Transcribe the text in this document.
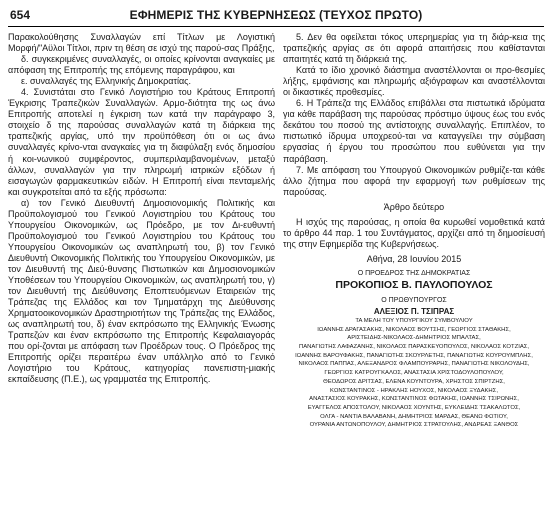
654	ΕΦΗΜΕΡΙΣ ΤΗΣ ΚΥΒΕΡΝΗΣΕΩΣ (ΤΕΥΧΟΣ ΠΡΩΤΟ)

Παρακολούθησης Συναλλαγών επί Τίτλων με Λογιστική Μορφή/"Αϋλοι Τίτλοι, πριν τη θέση σε ισχύ της παρού-σας Πράξης,

δ. συγκεκριμένες συναλλαγές, οι οποίες κρίνονται αναγκαίες με απόφαση της Επιτροπής της επόμενης παραγράφου, και

ε. συναλλαγές της Ελληνικής Δημοκρατίας.

4. Συνιστάται στο Γενικό Λογιστήριο του Κράτους Επιτροπή Έγκρισης Τραπεζικών Συναλλαγών. Αρμο-διότητα της ως άνω Επιτροπής αποτελεί η έγκριση των κατά την παράγραφο 3, στοιχείο δ της παρούσας συναλλαγών κατά τη διάρκεια της τραπεζικής αργίας, υπό την προϋπόθεση ότι οι ως άνω συναλλαγές κρίνο-νται αναγκαίες για τη διαφύλαξη ενός δημοσίου ή κοι-νωνικού συμφέροντος, συμπεριλαμβανομένων, μεταξύ άλλων, συναλλαγών για την πληρωμή ιατρικών εξόδων ή εισαγωγών φαρμακευτικών ειδών. Η Επιτροπή είναι πενταμελής και συγκροτείται από τα εξής πρόσωπα:

α) τον Γενικό Διευθυντή Δημοσιονομικής Πολιτικής και Προϋπολογισμού του Γενικού Λογιστηρίου του Κράτους του Υπουργείου Οικονομικών, ως Πρόεδρο, με τον Δι-ευθυντή Προϋπολογισμού του Γενικού Λογιστηρίου του Κράτους του Υπουργείου Οικονομικών ως αναπληρωτή του, β) τον Γενικό Διευθυντή Οικονομικής Πολιτικής του Υπουργείου Οικονομικών, με τον Διευθυντή της Διεύ-θυνσης Πιστωτικών και Δημοσιονομικών Υποθέσεων του Υπουργείου Οικονομικών, ως αναπληρωτή του, γ) τον Διευθυντή της Διεύθυνσης Εποπτευόμενων Εταιρειών της Τράπεζας της Ελλάδος και τον Τμηματάρχη της Διεύθυνσης Χρηματοοικονομικών Δραστηριοτήτων της Τράπεζας της Ελλάδος, ως αναπληρωτή του, δ) έναν εκπρόσωπο της Ελληνικής Ένωσης Τραπεζών και έναν εκπρόσωπο της Επιτροπής Κεφαλαιαγοράς που ορί-ζονται με απόφαση των Προέδρων τους. Ο Πρόεδρος της Επιτροπής ορίζει περαιτέρω έναν υπάλληλο από το Γενικό Λογιστήριο του Κράτους, κατηγορίας πανεπιστη-μιακής εκπαίδευσης (Π.Ε.), ως γραμματέα της Επιτροπής.

5. Δεν θα οφείλεται τόκος υπερημερίας για τη διάρ-κεια της τραπεζικής αργίας σε ότι αφορά απαιτήσεις που καθίστανται απαιτητές κατά τη διάρκειά της.

Κατά το ίδιο χρονικό διάστημα αναστέλλονται οι προ-θεσμίες λήξης, εμφάνισης και πληρωμής αξιόγραφων και αναστέλλονται οι δικαστικές προθεσμίες.

6. Η Τράπεζα της Ελλάδος επιβάλλει στα πιστωτικά ιδρύματα για κάθε παράβαση της παρούσας πρόστιμο ύψους έως του ενός δεκάτου του ποσού της αντίστοιχης συναλλαγής. Επιπλέον, το πιστωτικό ίδρυμα υποχρεού-ται να καταγγείλει την σύμβαση εργασίας ή έργου του προσώπου που ευθύνεται για την παράβαση.

7. Με απόφαση του Υπουργού Οικονομικών ρυθμίζε-ται κάθε άλλο ζήτημα που αφορά την εφαρμογή των ρυθμίσεων της παρούσας.

Άρθρο δεύτερο

Η ισχύς της παρούσας, η οποία θα κυρωθεί νομοθετικά κατά το άρθρο 44 παρ. 1 του Συντάγματος, αρχίζει από τη δημοσίευσή της στην Εφημερίδα της Κυβερνήσεως.

Αθήνα, 28 Ιουνίου 2015

Ο ΠΡΟΕΔΡΟΣ ΤΗΣ ΔΗΜΟΚΡΑΤΙΑΣ

ΠΡΟΚΟΠΙΟΣ Β. ΠΑΥΛΟΠΟΥΛΟΣ

Ο ΠΡΩΘΥΠΟΥΡΓΟΣ

ΑΛΕΞΙΟΣ Π. ΤΣΙΠΡΑΣ

ΤΑ ΜΕΛΗ ΤΟΥ ΥΠΟΥΡΓΙΚΟΥ ΣΥΜΒΟΥΛΙΟΥ

ΙΩΑΝΝΗΣ ΔΡΑΓΑΣΑΚΗΣ, ΝΙΚΟΛΑΟΣ ΒΟΥΤΣΗΣ, ΓΕΩΡΓΙΟΣ ΣΤΑΘΑΚΗΣ,

ΑΡΙΣΤΕΙΔΗΣ-ΝΙΚΟΛΑΟΣ-ΔΗΜΗΤΡΙΟΣ ΜΠΑΛΤΑΣ,

ΠΑΝΑΓΙΩΤΗΣ ΛΑΦΑΖΑΝΗΣ, ΝΙΚΟΛΑΟΣ ΠΑΡΑΣΚΕΥΟΠΟΥΛΟΣ, ΝΙΚΟΛΑΟΣ ΚΟΤΖΙΑΣ,

ΙΩΑΝΝΗΣ ΒΑΡΟΥΦΑΚΗΣ, ΠΑΝΑΓΙΩΤΗΣ ΣΚΟΥΡΛΕΤΗΣ, ΠΑΝΑΓΙΩΤΗΣ ΚΟΥΡΟΥΜΠΛΗΣ,

ΝΙΚΟΛΑΟΣ ΠΑΠΠΑΣ, ΑΛΕΞΑΝΔΡΟΣ ΦΛΑΜΠΟΥΡΑΡΗΣ, ΠΑΝΑΓΙΩΤΗΣ ΝΙΚΟΛΟΥΔΗΣ,

ΓΕΩΡΓΙΟΣ ΚΑΤΡΟΥΓΚΑΛΟΣ, ΑΝΑΣΤΑΣΙΑ ΧΡΙΣΤΟΔΟΥΛΟΠΟΥΛΟΥ,

ΘΕΟΔΩΡΟΣ ΔΡΙΤΣΑΣ, ΕΛΕΝΑ ΚΟΥΝΤΟΥΡΑ, ΧΡΗΣΤΟΣ ΣΠΙΡΤΖΗΣ,

ΚΩΝΣΤΑΝΤΙΝΟΣ - ΗΡΑΚΛΗΣ ΗΟΥΧΟΣ, ΝΙΚΟΛΑΟΣ ΞΥΔΑΚΗΣ,

ΑΝΑΣΤΑΣΙΟΣ ΚΟΥΡΑΚΗΣ, ΚΩΝΣΤΑΝΤΙΝΟΣ ΦΩΤΑΚΗΣ, ΙΩΑΝΝΗΣ ΤΣΙΡΩΝΗΣ,

ΕΥΑΓΓΕΛΟΣ ΑΠΟΣΤΟΛΟΥ, ΝΙΚΟΛΑΟΣ ΧΟΥΝΤΗΣ, ΕΥΚΛΕΙΔΗΣ ΤΣΑΚΑΛΩΤΟΣ,

ΟΛΓΑ - ΝΑΝΤΙΑ ΒΑΛΑΒΑΝΗ, ΔΗΜΗΤΡΙΟΣ ΜΑΡΔΑΣ, ΘΕΑΝΩ ΦΩΤΙΟΥ,

ΟΥΡΑΝΙΑ ΑΝΤΩΝΟΠΟΥΛΟΥ, ΔΗΜΗΤΡΙΟΣ ΣΤΡΑΤΟΥΛΗΣ, ΑΝΔΡΕΑΣ ΞΑΝΘΟΣ
